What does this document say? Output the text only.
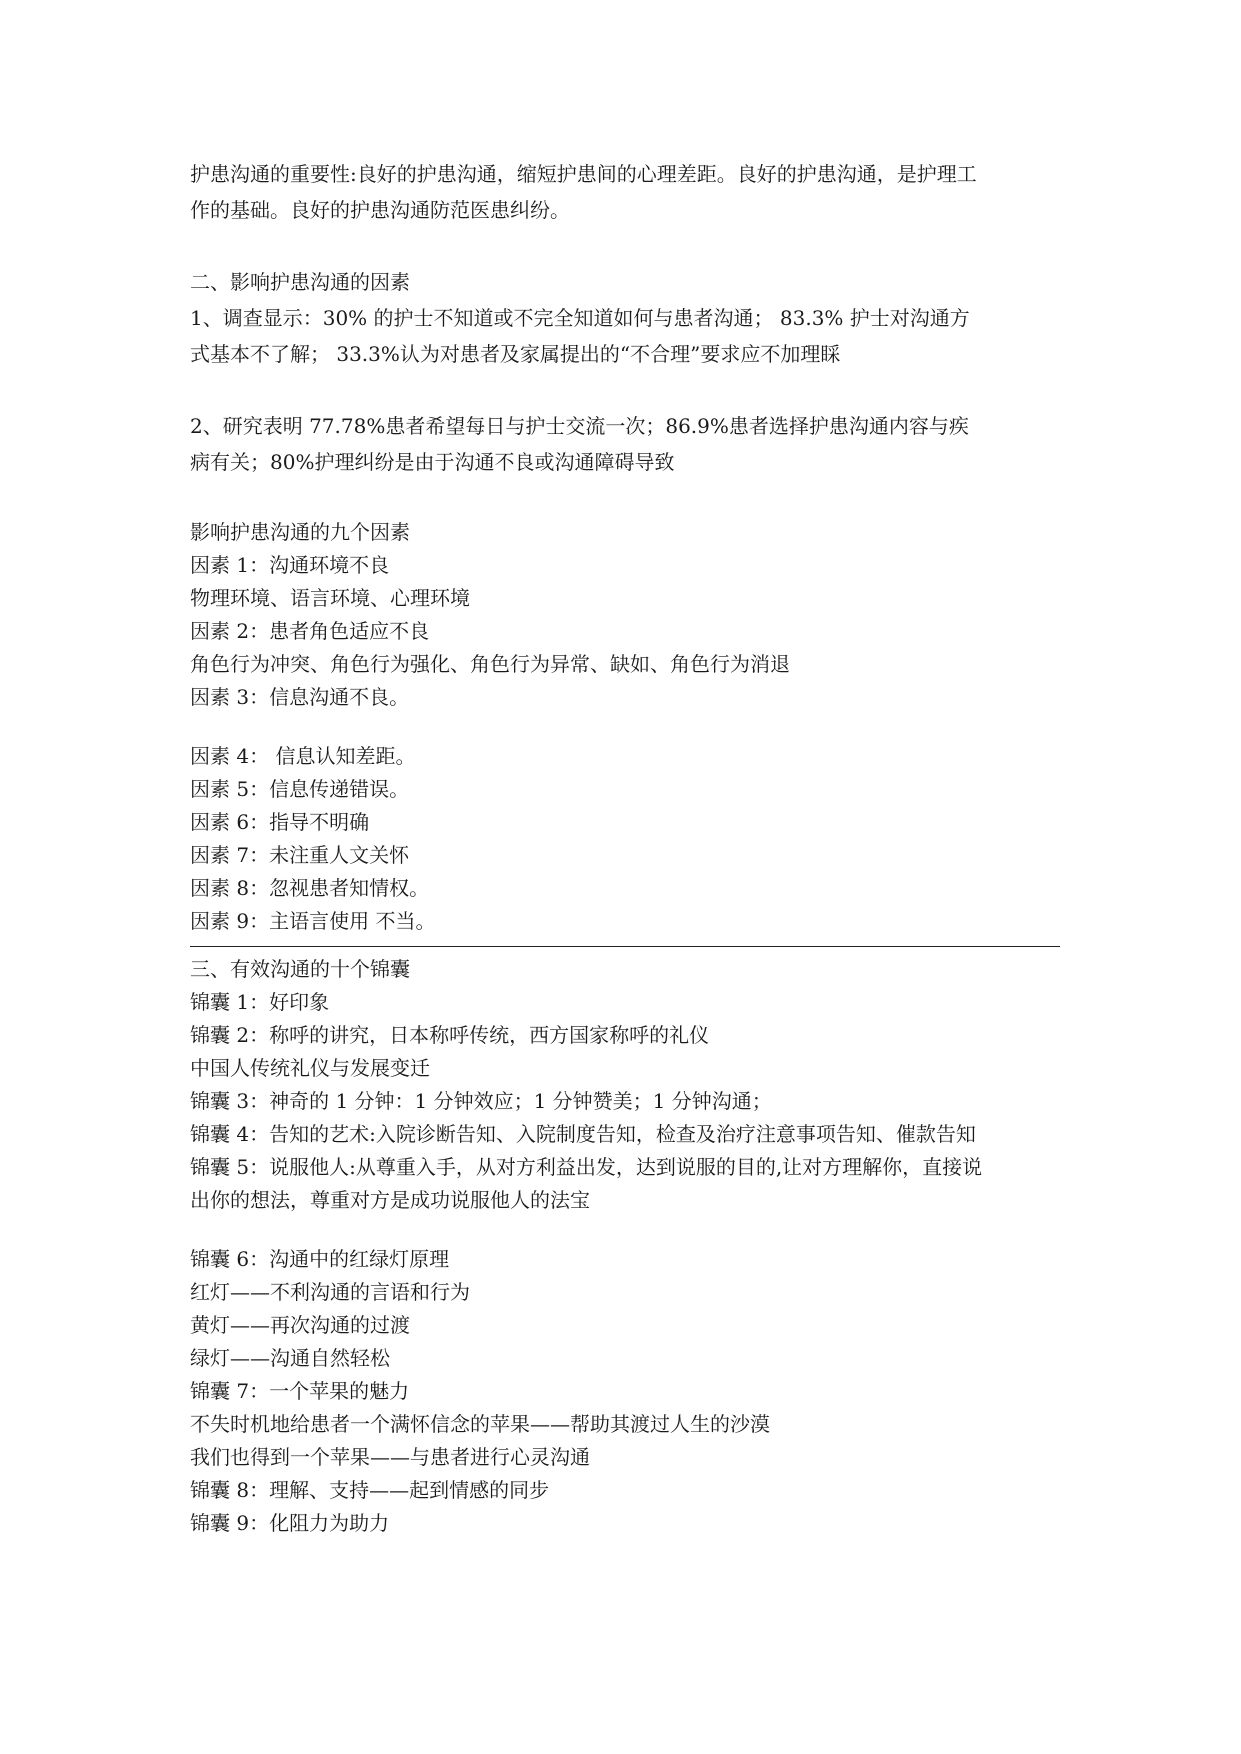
护患沟通的重要性:良好的护患沟通，缩短护患间的心理差距。良好的护患沟通，是护理工
作的基础。良好的护患沟通防范医患纠纷。
二、影响护患沟通的因素
1、调查显示：30% 的护士不知道或不完全知道如何与患者沟通； 83.3% 护士对沟通方
式基本不了解； 33.3%认为对患者及家属提出的“不合理”要求应不加理睬
2、研究表明 77.78%患者希望每日与护士交流一次；86.9%患者选择护患沟通内容与疾
病有关；80%护理纠纷是由于沟通不良或沟通障碍导致
影响护患沟通的九个因素
因素 1：沟通环境不良
物理环境、语言环境、心理环境
因素 2：患者角色适应不良
角色行为冲突、角色行为强化、角色行为异常、缺如、角色行为消退
因素 3：信息沟通不良。
因素 4： 信息认知差距。
因素 5：信息传递错误。
因素 6：指导不明确
因素 7：未注重人文关怀
因素 8：忽视患者知情权。
因素 9：主语言使用 不当。
三、有效沟通的十个锦囊
锦囊 1：好印象
锦囊 2：称呼的讲究，日本称呼传统，西方国家称呼的礼仪
中国人传统礼仪与发展变迁
锦囊 3：神奇的 1 分钟：1 分钟效应；1 分钟赞美；1 分钟沟通；
锦囊 4：告知的艺术:入院诊断告知、入院制度告知，检查及治疗注意事项告知、催款告知
锦囊 5：说服他人:从尊重入手，从对方利益出发，达到说服的目的,让对方理解你，直接说
出你的想法，尊重对方是成功说服他人的法宝
锦囊 6：沟通中的红绿灯原理
红灯——不利沟通的言语和行为
黄灯——再次沟通的过渡
绿灯——沟通自然轻松
锦囊 7：一个苹果的魅力
不失时机地给患者一个满怀信念的苹果——帮助其渡过人生的沙漠
我们也得到一个苹果——与患者进行心灵沟通
锦囊 8：理解、支持——起到情感的同步
锦囊 9：化阻力为助力
